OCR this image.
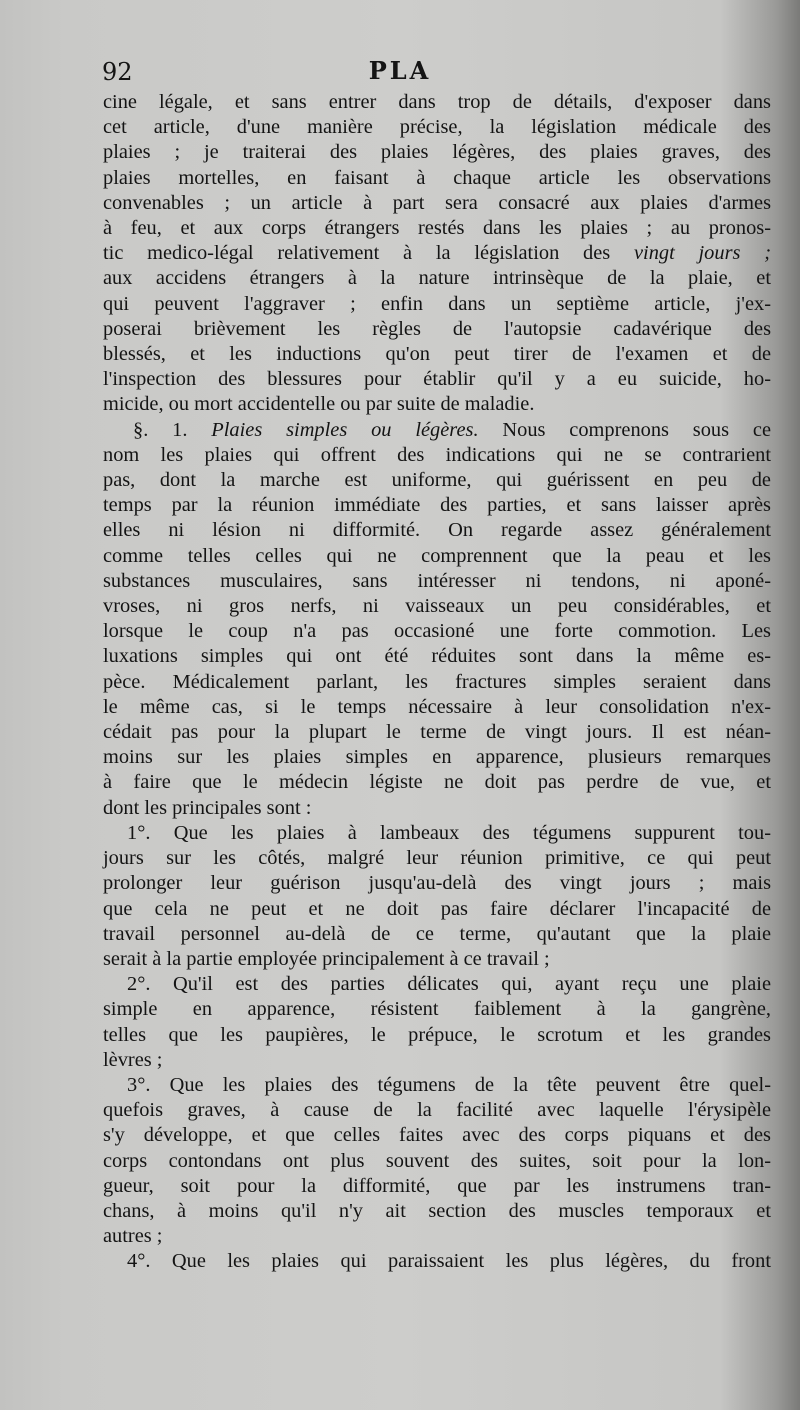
92	PLA
cine légale, et sans entrer dans trop de détails, d'exposer dans
cet article, d'une manière précise, la législation médicale des
plaies ; je traiterai des plaies légères, des plaies graves, des
plaies mortelles, en faisant à chaque article les observations
convenables ; un article à part sera consacré aux plaies d'armes
à feu, et aux corps étrangers restés dans les plaies ; au pronos-
tic medico-légal relativement à la législation des vingt jours ;
aux accidens étrangers à la nature intrinsèque de la plaie, et
qui peuvent l'aggraver ; enfin dans un septième article, j'ex-
poserai brièvement les règles de l'autopsie cadavérique des
blessés, et les inductions qu'on peut tirer de l'examen et de
l'inspection des blessures pour établir qu'il y a eu suicide, ho-
micide, ou mort accidentelle ou par suite de maladie.
§. 1. Plaies simples ou légères. Nous comprenons sous ce
nom les plaies qui offrent des indications qui ne se contrarient
pas, dont la marche est uniforme, qui guérissent en peu de
temps par la réunion immédiate des parties, et sans laisser après
elles ni lésion ni difformité. On regarde assez généralement
comme telles celles qui ne comprennent que la peau et les
substances musculaires, sans intéresser ni tendons, ni aponé-
vroses, ni gros nerfs, ni vaisseaux un peu considérables, et
lorsque le coup n'a pas occasioné une forte commotion. Les
luxations simples qui ont été réduites sont dans la même es-
pèce. Médicalement parlant, les fractures simples seraient dans
le même cas, si le temps nécessaire à leur consolidation n'ex-
cédait pas pour la plupart le terme de vingt jours. Il est néan-
moins sur les plaies simples en apparence, plusieurs remarques
à faire que le médecin légiste ne doit pas perdre de vue, et
dont les principales sont :
1°. Que les plaies à lambeaux des tégumens suppurent tou-
jours sur les côtés, malgré leur réunion primitive, ce qui peut
prolonger leur guérison jusqu'au-delà des vingt jours ; mais
que cela ne peut et ne doit pas faire déclarer l'incapacité de
travail personnel au-delà de ce terme, qu'autant que la plaie
serait à la partie employée principalement à ce travail ;
2°. Qu'il est des parties délicates qui, ayant reçu une plaie
simple en apparence, résistent faiblement à la gangrène,
telles que les paupières, le prépuce, le scrotum et les grandes
lèvres ;
3°. Que les plaies des tégumens de la tête peuvent être quel-
quefois graves, à cause de la facilité avec laquelle l'érysipèle
s'y développe, et que celles faites avec des corps piquans et des
corps contondans ont plus souvent des suites, soit pour la lon-
gueur, soit pour la difformité, que par les instrumens tran-
chans, à moins qu'il n'y ait section des muscles temporaux et
autres ;
4°. Que les plaies qui paraissaient les plus légères, du front
